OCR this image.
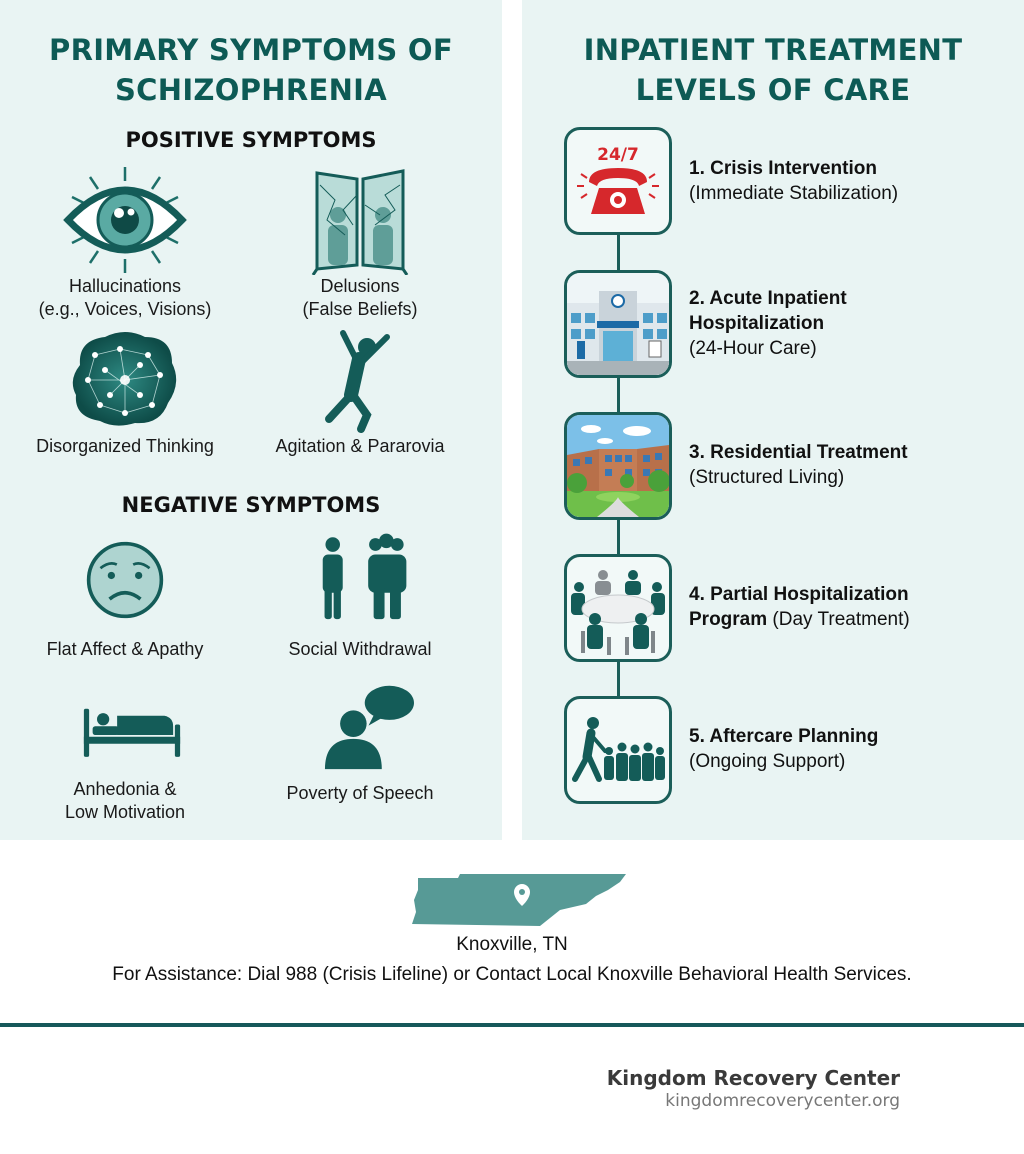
PRIMARY SYMPTOMS OF
SCHIZOPHRENIA
POSITIVE SYMPTOMS
Hallucinations
(e.g., Voices, Visions)
Delusions
(False Beliefs)
Disorganized Thinking	Agitation & Pararovia
NEGATIVE SYMPTOMS
Flat Affect & Apathy	Social Withdrawal
Anhedonia &
Low Motivation
Poverty of Speech
INPATIENT TREATMENT
LEVELS OF CARE
24/7
1. Crisis Intervention
(Immediate Stabilization)
2. Acute Inpatient
Hospitalization
(24-Hour Care)
3. Residential Treatment
(Structured Living)
4. Partial Hospitalization
Program (Day Treatment)
5. Aftercare Planning
(Ongoing Support)
Knoxville, TN
For Assistance: Dial 988 (Crisis Lifeline) or Contact Local Knoxville Behavioral Health Services.
Kingdom Recovery Center
kingdomrecoverycenter.org
